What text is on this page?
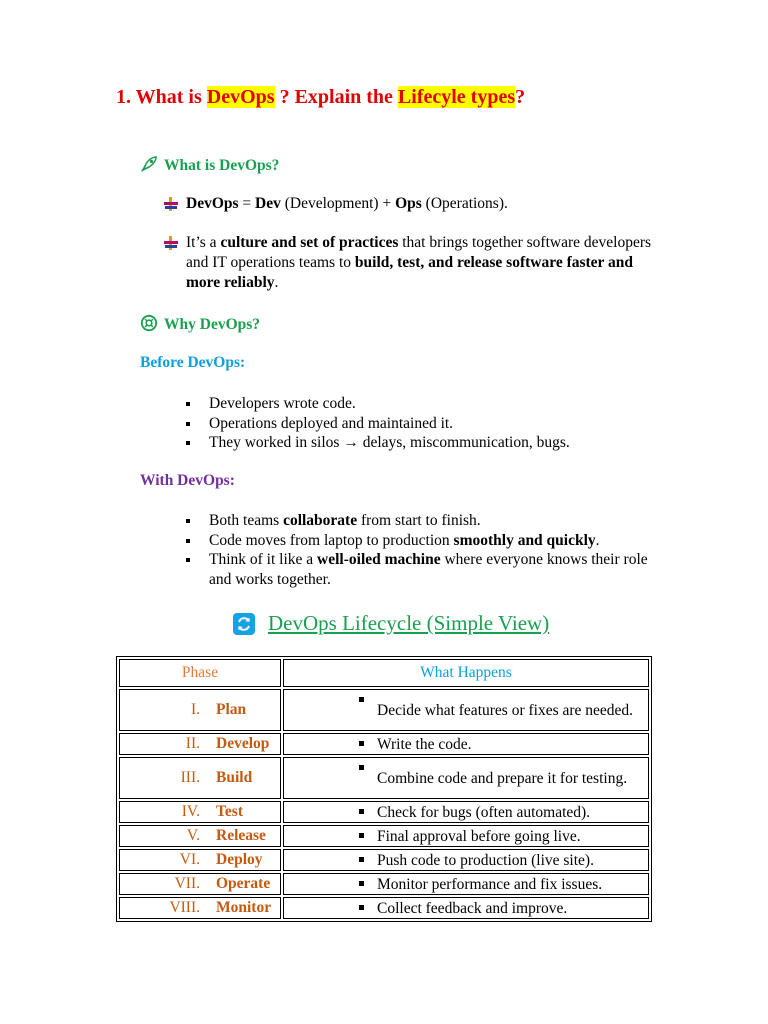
1. What is DevOps ? Explain the Lifecyle types?
What is DevOps?
DevOps = Dev (Development) + Ops (Operations).
It’s a culture and set of practices that brings together software developers and IT operations teams to build, test, and release software faster and more reliably.
Why DevOps?
Before DevOps:
Developers wrote code.
Operations deployed and maintained it.
They worked in silos → delays, miscommunication, bugs.
With DevOps:
Both teams collaborate from start to finish.
Code moves from laptop to production smoothly and quickly.
Think of it like a well-oiled machine where everyone knows their role and works together.
DevOps Lifecycle (Simple View)
Phase	What Happens
I. Plan	Decide what features or fixes are needed.
II. Develop	Write the code.
III. Build	Combine code and prepare it for testing.
IV. Test	Check for bugs (often automated).
V. Release	Final approval before going live.
VI. Deploy	Push code to production (live site).
VII. Operate	Monitor performance and fix issues.
VIII. Monitor	Collect feedback and improve.
